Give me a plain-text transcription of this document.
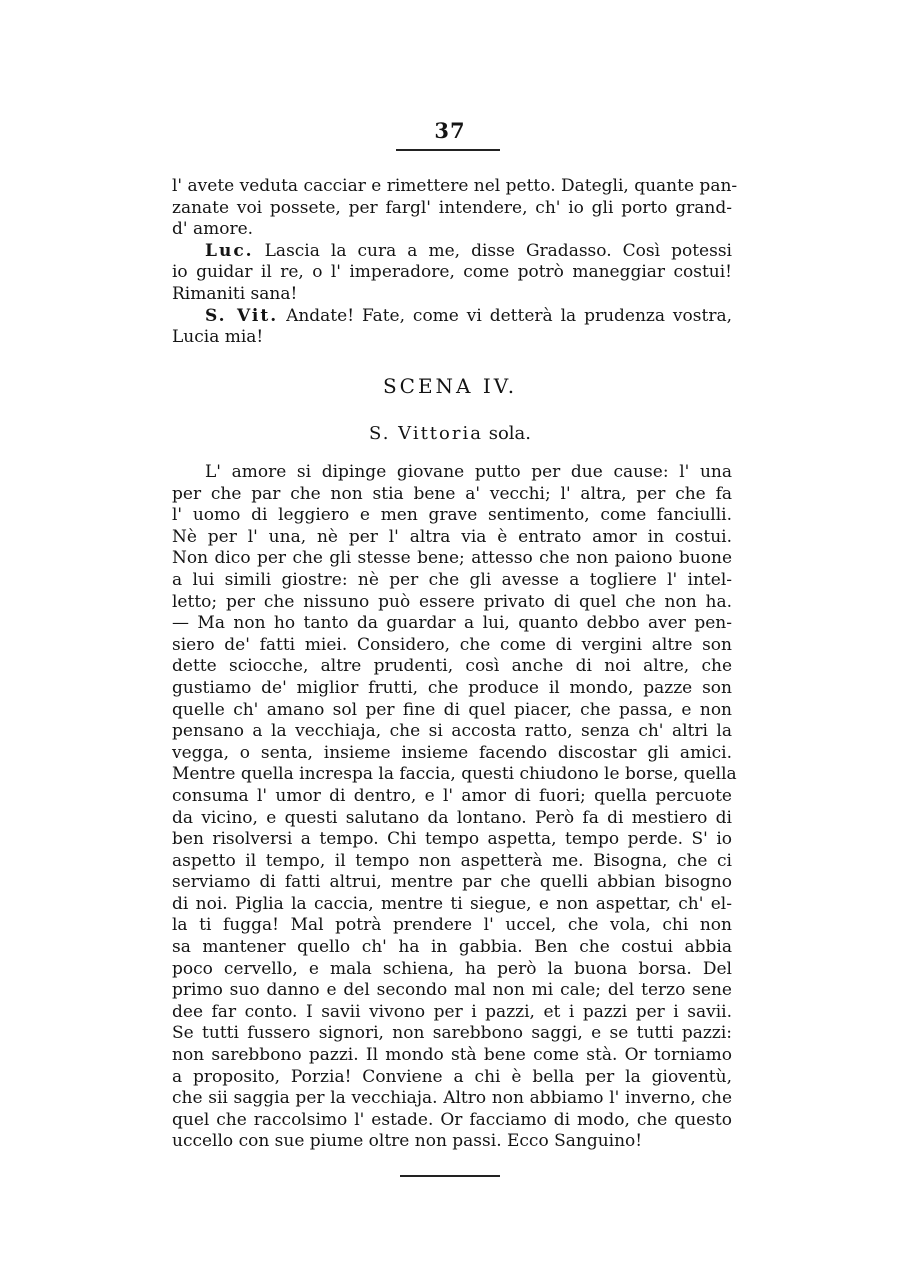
37

l' avete veduta cacciar e rimettere nel petto. Dategli, quante pan-
zanate voi possete, per fargl' intendere, ch' io gli porto grand-
d' amore.

Luc. Lascia la cura a me, disse Gradasso. Così potessi
io guidar il re, o l' imperadore, come potrò maneggiar costui!
Rimaniti sana!

S. Vit. Andate! Fate, come vi detterà la prudenza vostra,
Lucia mia!

SCENA IV.
S. Vittoria sola.

L' amore si dipinge giovane putto per due cause: l' una
per che par che non stia bene a' vecchi; l' altra, per che fa
l' uomo di leggiero e men grave sentimento, come fanciulli.
Nè per l' una, nè per l' altra via è entrato amor in costui.
Non dico per che gli stesse bene; attesso che non paiono buone
a lui simili giostre: nè per che gli avesse a togliere l' intel-
letto; per che nissuno può essere privato di quel che non ha.
— Ma non ho tanto da guardar a lui, quanto debbo aver pen-
siero de' fatti miei. Considero, che come di vergini altre son
dette sciocche, altre prudenti, così anche di noi altre, che
gustiamo de' miglior frutti, che produce il mondo, pazze son
quelle ch' amano sol per fine di quel piacer, che passa, e non
pensano a la vecchiaja, che si accosta ratto, senza ch' altri la
vegga, o senta, insieme insieme facendo discostar gli amici.
Mentre quella increspa la faccia, questi chiudono le borse, quella
consuma l' umor di dentro, e l' amor di fuori; quella percuote
da vicino, e questi salutano da lontano. Però fa di mestiero di
ben risolversi a tempo. Chi tempo aspetta, tempo perde. S' io
aspetto il tempo, il tempo non aspetterà me. Bisogna, che ci
serviamo di fatti altrui, mentre par che quelli abbian bisogno
di noi. Piglia la caccia, mentre ti siegue, e non aspettar, ch' el-
la ti fugga! Mal potrà prendere l' uccel, che vola, chi non
sa mantener quello ch' ha in gabbia. Ben che costui abbia
poco cervello, e mala schiena, ha però la buona borsa. Del
primo suo danno e del secondo mal non mi cale; del terzo sene
dee far conto. I savii vivono per i pazzi, et i pazzi per i savii.
Se tutti fussero signori, non sarebbono saggi, e se tutti pazzi:
non sarebbono pazzi. Il mondo stà bene come stà. Or torniamo
a proposito, Porzia! Conviene a chi è bella per la gioventù,
che sii saggia per la vecchiaja. Altro non abbiamo l' inverno, che
quel che raccolsimo l' estade. Or facciamo di modo, che questo
uccello con sue piume oltre non passi. Ecco Sanguino!
